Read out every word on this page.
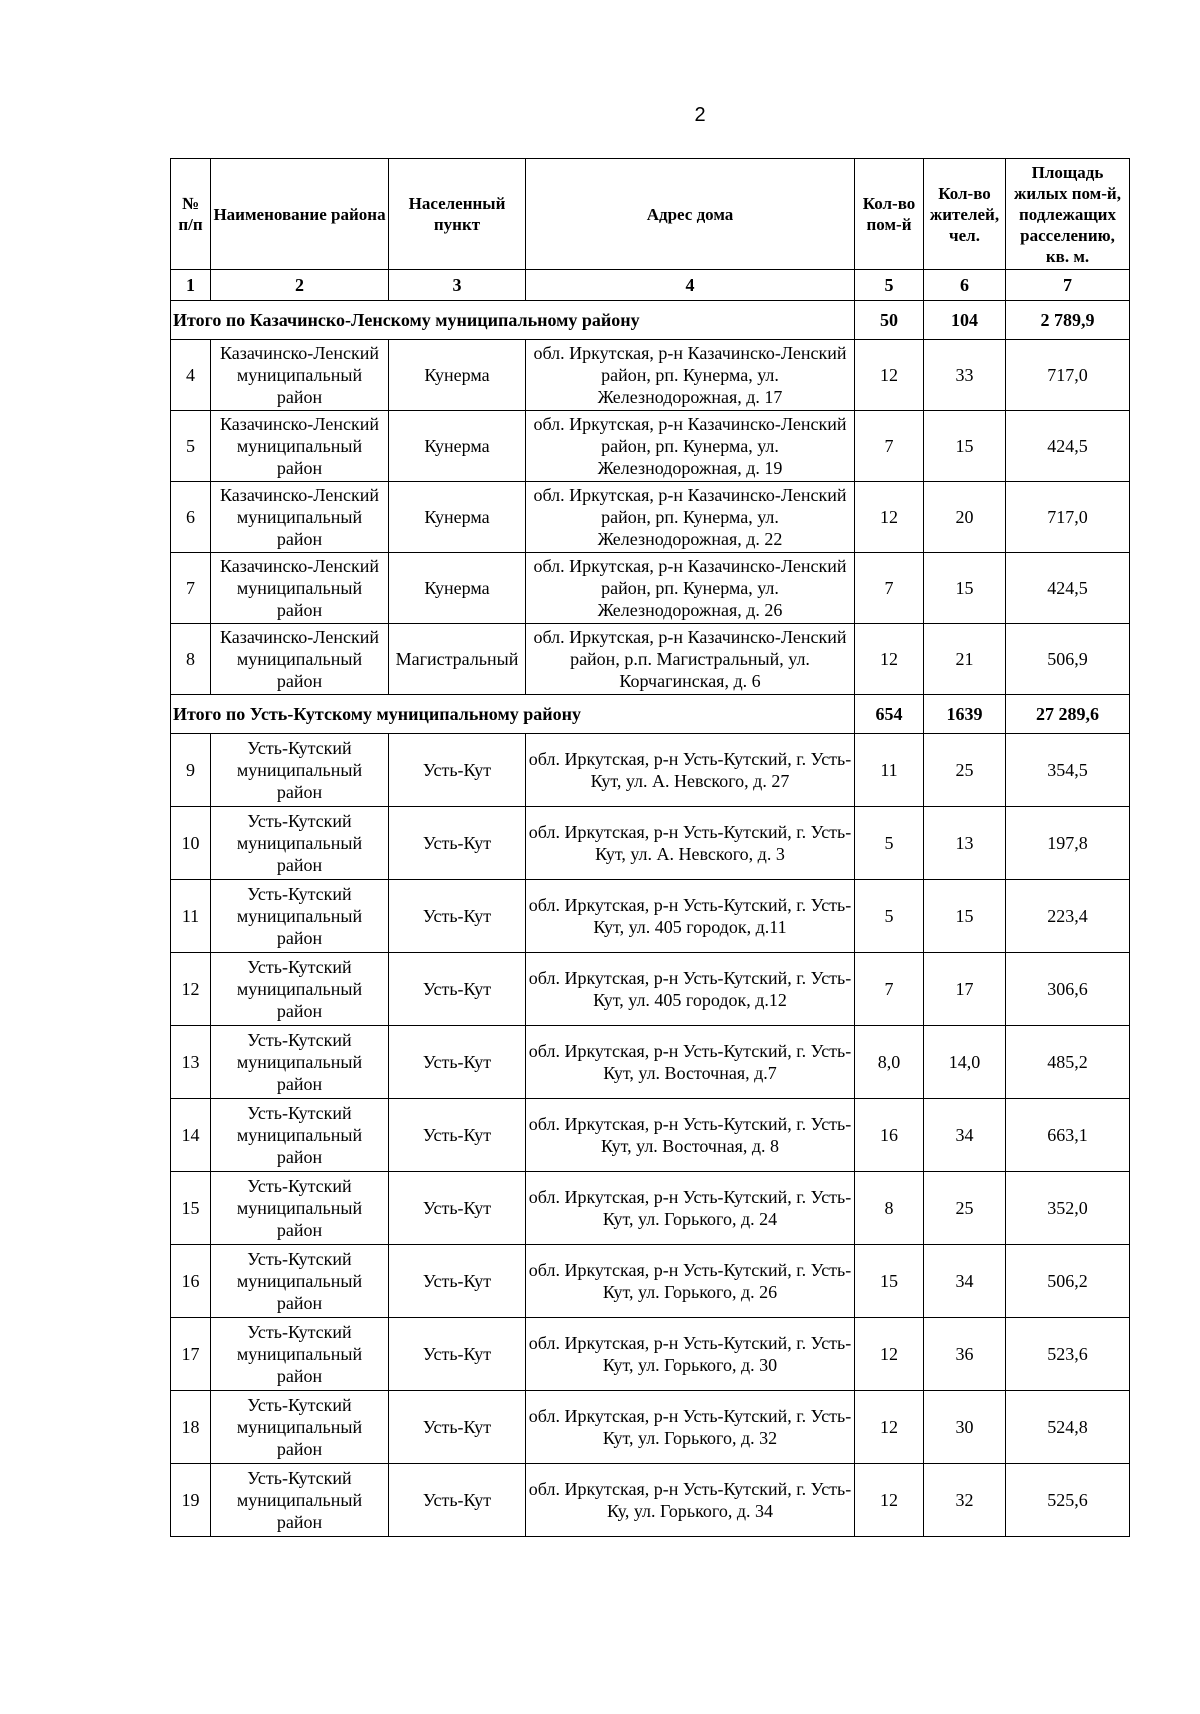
2
№ п/п	Наименование района	Населенный пункт	Адрес дома	Кол-во пом-й	Кол-во жителей, чел.	Площадь жилых пом-й, подлежащих расселению, кв. м.
1	2	3	4	5	6	7
Итого по Казачинско-Ленскому муниципальному району				50	104	2 789,9
4	Казачинско-Ленский муниципальный район	Кунерма	обл. Иркутская, р-н Казачинско-Ленский район, рп. Кунерма, ул. Железнодорожная, д. 17	12	33	717,0
5	Казачинско-Ленский муниципальный район	Кунерма	обл. Иркутская, р-н Казачинско-Ленский район, рп. Кунерма, ул. Железнодорожная, д. 19	7	15	424,5
6	Казачинско-Ленский муниципальный район	Кунерма	обл. Иркутская, р-н Казачинско-Ленский район, рп. Кунерма, ул. Железнодорожная, д. 22	12	20	717,0
7	Казачинско-Ленский муниципальный район	Кунерма	обл. Иркутская, р-н Казачинско-Ленский район, рп. Кунерма, ул. Железнодорожная, д. 26	7	15	424,5
8	Казачинско-Ленский муниципальный район	Магистральный	обл. Иркутская, р-н Казачинско-Ленский район, р.п. Магистральный, ул. Корчагинская, д. 6	12	21	506,9
Итого по Усть-Кутскому муниципальному району				654	1639	27 289,6
9	Усть-Кутский муниципальный район	Усть-Кут	обл. Иркутская, р-н Усть-Кутский, г. Усть-Кут, ул. А. Невского, д. 27	11	25	354,5
10	Усть-Кутский муниципальный район	Усть-Кут	обл. Иркутская, р-н Усть-Кутский, г. Усть-Кут, ул. А. Невского, д. 3	5	13	197,8
11	Усть-Кутский муниципальный район	Усть-Кут	обл. Иркутская, р-н Усть-Кутский, г. Усть-Кут, ул. 405 городок, д.11	5	15	223,4
12	Усть-Кутский муниципальный район	Усть-Кут	обл. Иркутская, р-н Усть-Кутский, г. Усть-Кут, ул. 405 городок, д.12	7	17	306,6
13	Усть-Кутский муниципальный район	Усть-Кут	обл. Иркутская, р-н Усть-Кутский, г. Усть-Кут, ул. Восточная, д.7	8,0	14,0	485,2
14	Усть-Кутский муниципальный район	Усть-Кут	обл. Иркутская, р-н Усть-Кутский, г. Усть-Кут, ул. Восточная, д. 8	16	34	663,1
15	Усть-Кутский муниципальный район	Усть-Кут	обл. Иркутская, р-н Усть-Кутский, г. Усть-Кут, ул. Горького, д. 24	8	25	352,0
16	Усть-Кутский муниципальный район	Усть-Кут	обл. Иркутская, р-н Усть-Кутский, г. Усть-Кут, ул. Горького, д. 26	15	34	506,2
17	Усть-Кутский муниципальный район	Усть-Кут	обл. Иркутская, р-н Усть-Кутский, г. Усть-Кут, ул. Горького, д. 30	12	36	523,6
18	Усть-Кутский муниципальный район	Усть-Кут	обл. Иркутская, р-н Усть-Кутский, г. Усть-Кут, ул. Горького, д. 32	12	30	524,8
19	Усть-Кутский муниципальный район	Усть-Кут	обл. Иркутская, р-н Усть-Кутский, г. Усть-Ку, ул. Горького, д. 34	12	32	525,6
